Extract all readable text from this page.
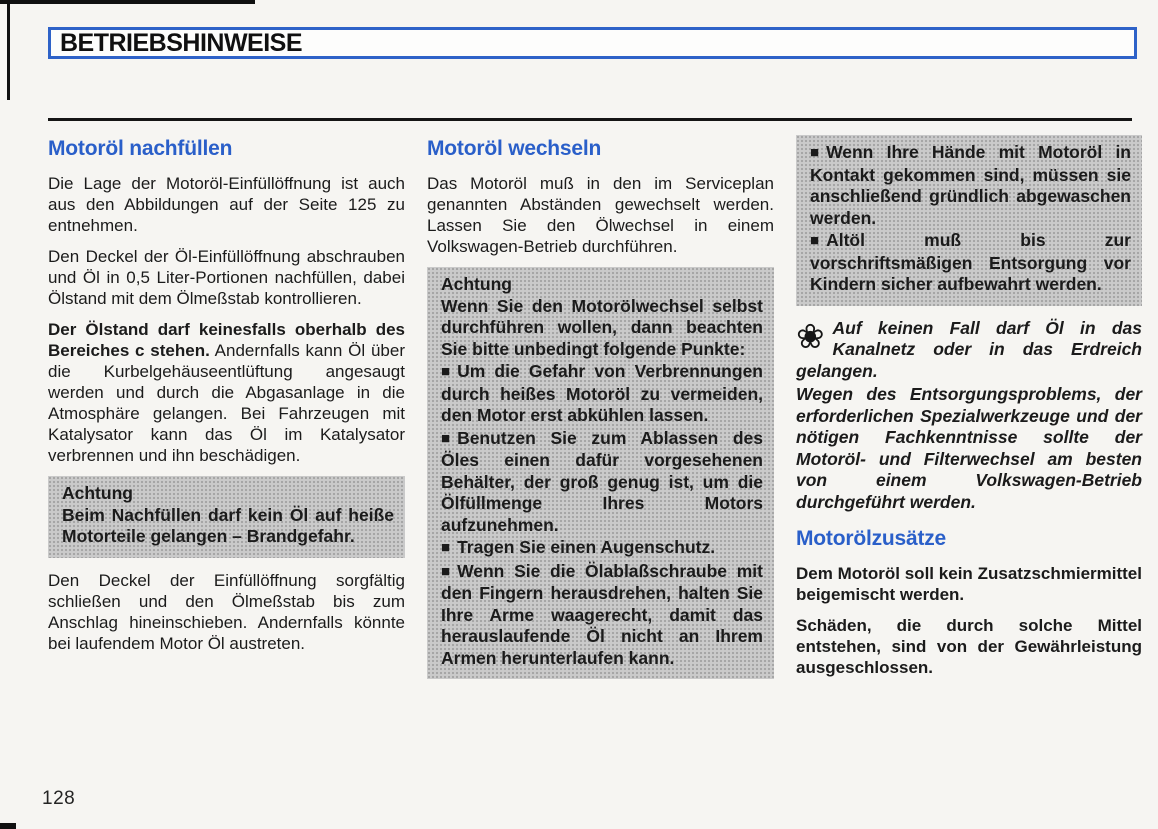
BETRIEBSHINWEISE
Motoröl nachfüllen

Die Lage der Motoröl-Einfüllöffnung ist auch aus den Abbildungen auf der Seite 125 zu entnehmen.

Den Deckel der Öl-Einfüllöffnung abschrauben und Öl in 0,5 Liter-Portionen nachfüllen, dabei Ölstand mit dem Ölmeßstab kontrollieren.

Der Ölstand darf keinesfalls oberhalb des Bereiches c stehen. Andernfalls kann Öl über die Kurbelgehäuseentlüftung angesaugt werden und durch die Abgasanlage in die Atmosphäre gelangen. Bei Fahrzeugen mit Katalysator kann das Öl im Katalysator verbrennen und ihn beschädigen.

Achtung

Beim Nachfüllen darf kein Öl auf heiße Motorteile gelangen – Brandgefahr.

Den Deckel der Einfüllöffnung sorgfältig schließen und den Ölmeßstab bis zum Anschlag hineinschieben. Andernfalls könnte bei laufendem Motor Öl austreten.

Motoröl wechseln

Das Motoröl muß in den im Serviceplan genannten Abständen gewechselt werden. Lassen Sie den Ölwechsel in einem Volkswagen-Betrieb durchführen.

Achtung

Wenn Sie den Motorölwechsel selbst durchführen wollen, dann beachten Sie bitte unbedingt folgende Punkte:

■ Um die Gefahr von Verbrennungen durch heißes Motoröl zu vermeiden, den Motor erst abkühlen lassen.

■ Benutzen Sie zum Ablassen des Öles einen dafür vorgesehenen Behälter, der groß genug ist, um die Ölfüllmenge Ihres Motors aufzunehmen.

■ Tragen Sie einen Augenschutz.

■ Wenn Sie die Ölablaßschraube mit den Fingern herausdrehen, halten Sie Ihre Arme waagerecht, damit das herauslaufende Öl nicht an Ihrem Armen herunterlaufen kann.

■ Wenn Ihre Hände mit Motoröl in Kontakt gekommen sind, müssen sie anschließend gründlich abgewaschen werden.

■ Altöl muß bis zur vorschriftsmäßigen Entsorgung vor Kindern sicher aufbewahrt werden.

❀ Auf keinen Fall darf Öl in das Kanalnetz oder in das Erdreich gelangen.

Wegen des Entsorgungsproblems, der erforderlichen Spezialwerkzeuge und der nötigen Fachkenntnisse sollte der Motoröl- und Filterwechsel am besten von einem Volkswagen-Betrieb durchgeführt werden.

Motorölzusätze

Dem Motoröl soll kein Zusatzschmiermittel beigemischt werden.

Schäden, die durch solche Mittel entstehen, sind von der Gewährleistung ausgeschlossen.

128
